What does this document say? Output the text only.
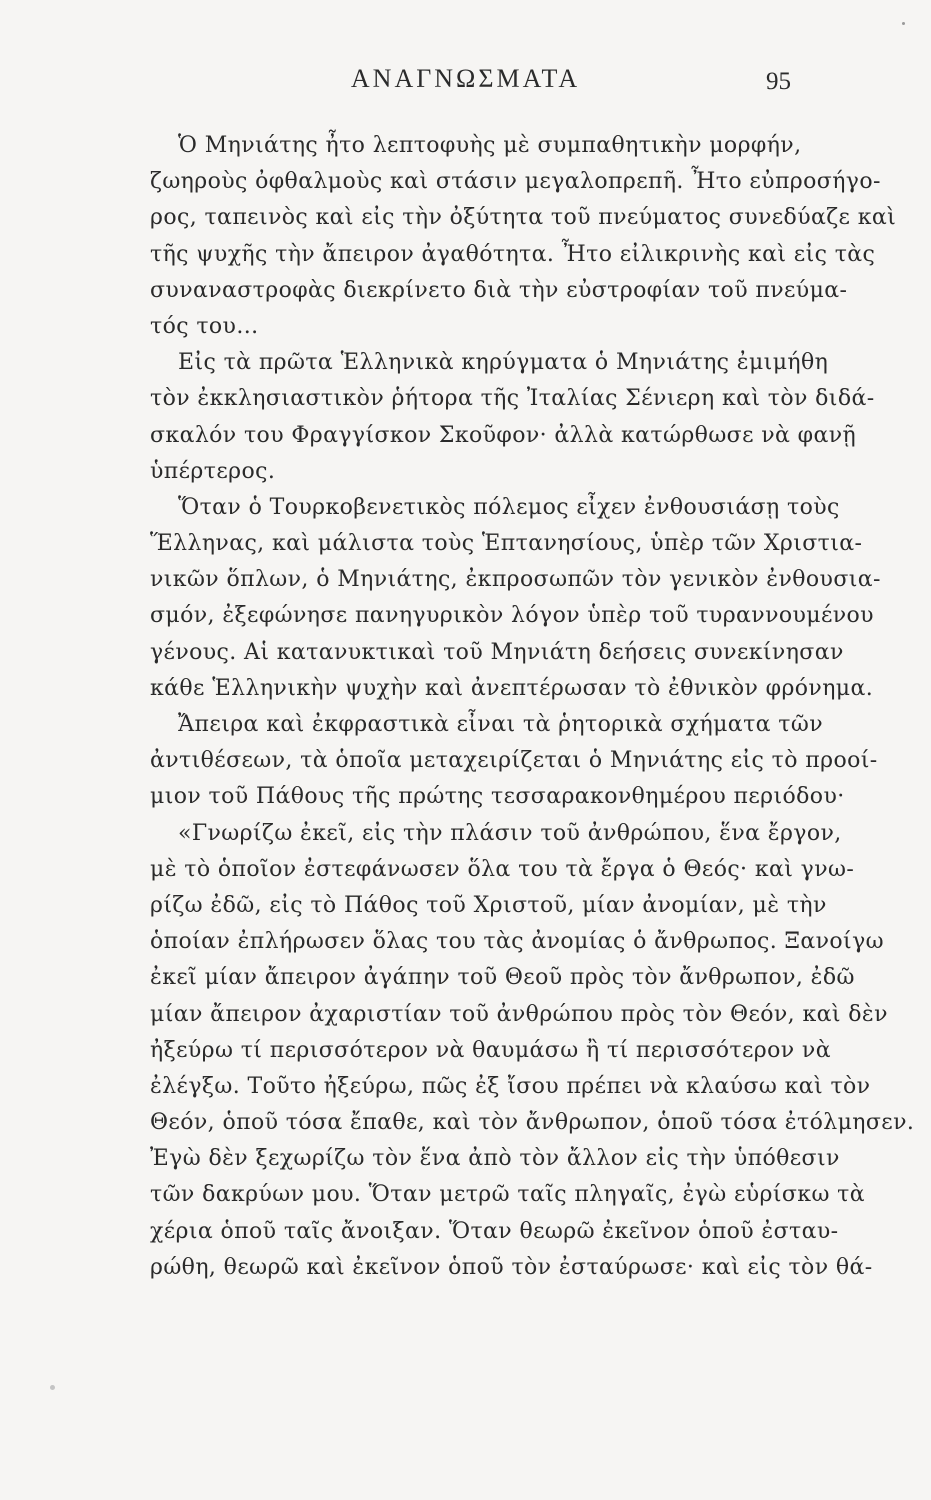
ΑΝΑΓΝΩΣΜΑΤΑ	95
Ὁ Μηνιάτης ἦτο λεπτοφυὴς μὲ συμπαθητικὴν μορφήν,
ζωηροὺς ὀφθαλμοὺς καὶ στάσιν μεγαλοπρεπῆ. Ἦτο εὐπροσήγο-
ρος, ταπεινὸς καὶ εἰς τὴν ὀξύτητα τοῦ πνεύματος συνεδύαζε καὶ
τῆς ψυχῆς τὴν ἄπειρον ἀγαθότητα. Ἦτο εἰλικρινὴς καὶ εἰς τὰς
συναναστροφὰς διεκρίνετο διὰ τὴν εὐστροφίαν τοῦ πνεύμα-
τός του...
Εἰς τὰ πρῶτα Ἑλληνικὰ κηρύγματα ὁ Μηνιάτης ἐμιμήθη
τὸν ἐκκλησιαστικὸν ῥήτορα τῆς Ἰταλίας Σένιερη καὶ τὸν διδά-
σκαλόν του Φραγγίσκον Σκοῦφον· ἀλλὰ κατώρθωσε νὰ φανῇ
ὑπέρτερος.
Ὅταν ὁ Τουρκοβενετικὸς πόλεμος εἶχεν ἐνθουσιάσῃ τοὺς
Ἕλληνας, καὶ μάλιστα τοὺς Ἑπτανησίους, ὑπὲρ τῶν Χριστια-
νικῶν ὅπλων, ὁ Μηνιάτης, ἐκπροσωπῶν τὸν γενικὸν ἐνθουσια-
σμόν, ἐξεφώνησε πανηγυρικὸν λόγον ὑπὲρ τοῦ τυραννουμένου
γένους. Αἱ κατανυκτικαὶ τοῦ Μηνιάτη δεήσεις συνεκίνησαν
κάθε Ἑλληνικὴν ψυχὴν καὶ ἀνεπτέρωσαν τὸ ἐθνικὸν φρόνημα.
Ἄπειρα καὶ ἐκφραστικὰ εἶναι τὰ ῥητορικὰ σχήματα τῶν
ἀντιθέσεων, τὰ ὁποῖα μεταχειρίζεται ὁ Μηνιάτης εἰς τὸ προοί-
μιον τοῦ Πάθους τῆς πρώτης τεσσαρακονθημέρου περιόδου·
«Γνωρίζω ἐκεῖ, εἰς τὴν πλάσιν τοῦ ἀνθρώπου, ἕνα ἔργον,
μὲ τὸ ὁποῖον ἐστεφάνωσεν ὅλα του τὰ ἔργα ὁ Θεός· καὶ γνω-
ρίζω ἐδῶ, εἰς τὸ Πάθος τοῦ Χριστοῦ, μίαν ἀνομίαν, μὲ τὴν
ὁποίαν ἐπλήρωσεν ὅλας του τὰς ἀνομίας ὁ ἄνθρωπος. Ξανοίγω
ἐκεῖ μίαν ἄπειρον ἀγάπην τοῦ Θεοῦ πρὸς τὸν ἄνθρωπον, ἐδῶ
μίαν ἄπειρον ἀχαριστίαν τοῦ ἀνθρώπου πρὸς τὸν Θεόν, καὶ δὲν
ἠξεύρω τί περισσότερον νὰ θαυμάσω ἢ τί περισσότερον νὰ
ἐλέγξω. Τοῦτο ἠξεύρω, πῶς ἐξ ἴσου πρέπει νὰ κλαύσω καὶ τὸν
Θεόν, ὁποῦ τόσα ἔπαθε, καὶ τὸν ἄνθρωπον, ὁποῦ τόσα ἐτόλμησεν.
Ἐγὼ δὲν ξεχωρίζω τὸν ἕνα ἀπὸ τὸν ἄλλον εἰς τὴν ὑπόθεσιν
τῶν δακρύων μου. Ὅταν μετρῶ ταῖς πληγαῖς, ἐγὼ εὑρίσκω τὰ
χέρια ὁποῦ ταῖς ἄνοιξαν. Ὅταν θεωρῶ ἐκεῖνον ὁποῦ ἐσταυ-
ρώθη, θεωρῶ καὶ ἐκεῖνον ὁποῦ τὸν ἐσταύρωσε· καὶ εἰς τὸν θά-
